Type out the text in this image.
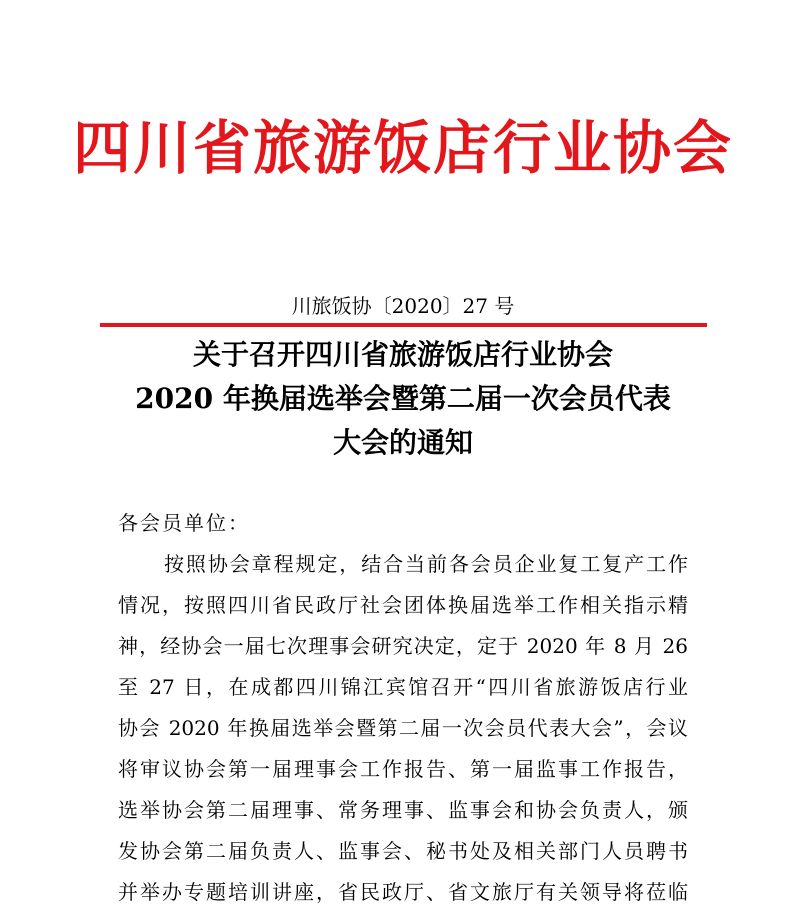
四川省旅游饭店行业协会
川旅饭协〔2020〕27 号
关于召开四川省旅游饭店行业协会
2020 年换届选举会暨第二届一次会员代表
大会的通知
各会员单位：
按照协会章程规定，结合当前各会员企业复工复产工作
情况，按照四川省民政厅社会团体换届选举工作相关指示精
神，经协会一届七次理事会研究决定，定于 2020 年 8 月 26
至 27 日，在成都四川锦江宾馆召开“四川省旅游饭店行业
协会 2020 年换届选举会暨第二届一次会员代表大会”，会议
将审议协会第一届理事会工作报告、第一届监事工作报告，
选举协会第二届理事、常务理事、监事会和协会负责人，颁
发协会第二届负责人、监事会、秘书处及相关部门人员聘书
并举办专题培训讲座，省民政厅、省文旅厅有关领导将莅临
